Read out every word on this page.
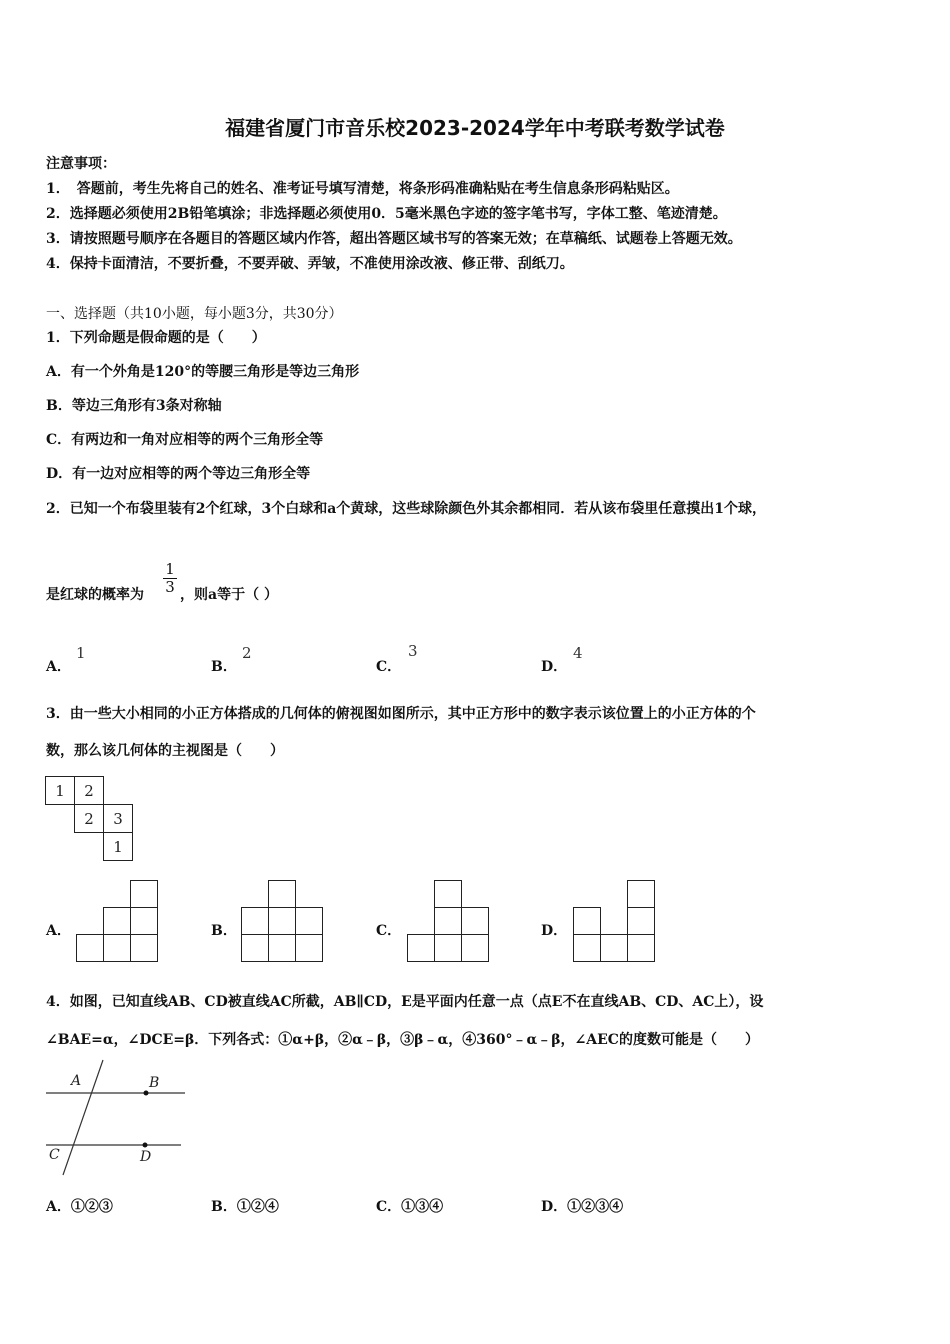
福建省厦门市音乐校2023-2024学年中考联考数学试卷
注意事项：
1．　答题前，考生先将自己的姓名、准考证号填写清楚，将条形码准确粘贴在考生信息条形码粘贴区。
2．选择题必须使用2B铅笔填涂；非选择题必须使用0．5毫米黑色字迹的签字笔书写，字体工整、笔迹清楚。
3．请按照题号顺序在各题目的答题区域内作答，超出答题区域书写的答案无效；在草稿纸、试题卷上答题无效。
4．保持卡面清洁，不要折叠，不要弄破、弄皱，不准使用涂改液、修正带、刮纸刀。
一、选择题（共10小题，每小题3分，共30分）
1．下列命题是假命题的是（　　）
A．有一个外角是120°的等腰三角形是等边三角形
B．等边三角形有3条对称轴
C．有两边和一角对应相等的两个三角形全等
D．有一边对应相等的两个等边三角形全等
2．已知一个布袋里装有2个红球，3个白球和a个黄球，这些球除颜色外其余都相同．若从该布袋里任意摸出1个球，
是红球的概率为 $\frac{1}{3}$ ，则a等于（ ）
A．
1
B．
2
C．
3
D．
4
3．由一些大小相同的小正方体搭成的几何体的俯视图如图所示，其中正方形中的数字表示该位置上的小正方体的个
数，那么该几何体的主视图是（　　）
1 2
2 3
1
A．	B．	C．	D．
4．如图，已知直线AB、CD被直线AC所截，AB∥CD，E是平面内任意一点（点E不在直线AB、CD、AC上），设
∠BAE=α，∠DCE=β．下列各式：①α+β，②α﹣β，③β﹣α，④360°﹣α﹣β，∠AEC的度数可能是（　　）
A	B
C	D
A．①②③	B．①②④	C．①③④	D．①②③④
